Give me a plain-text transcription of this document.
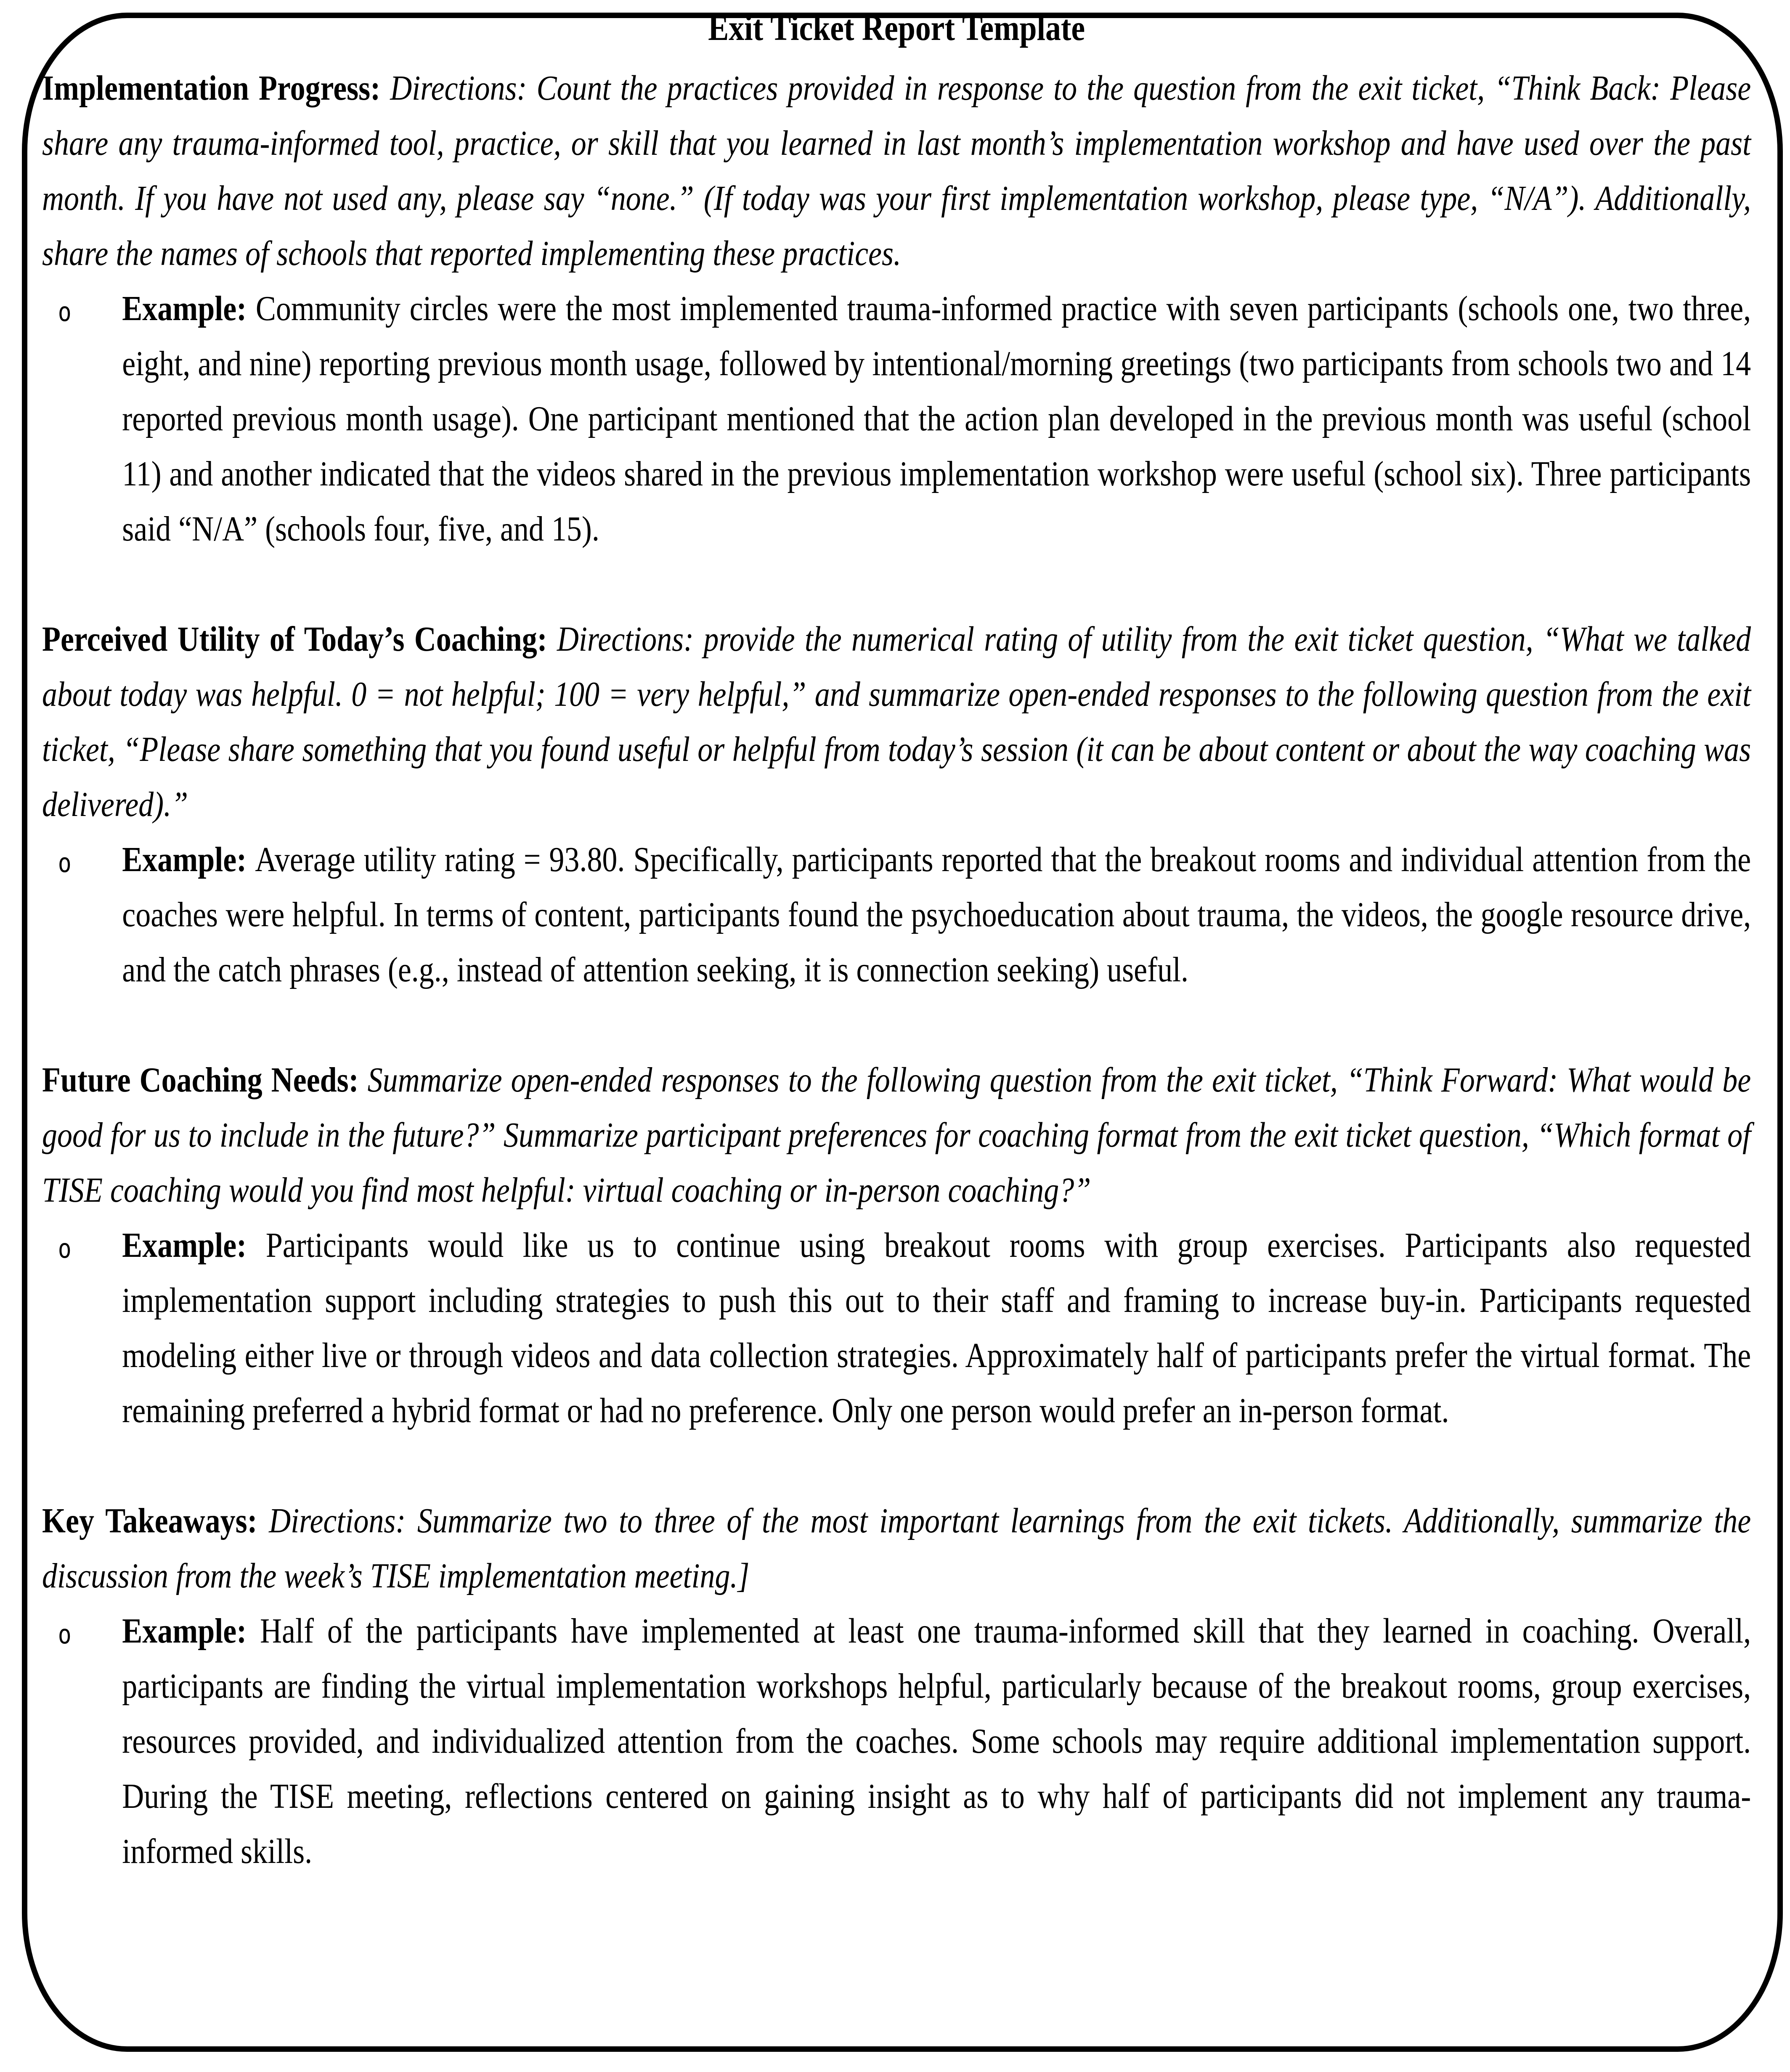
Exit Ticket Report Template

Implementation Progress: Directions: Count the practices provided in response to the question from the exit ticket, “Think Back: Please share any trauma-informed tool, practice, or skill that you learned in last month’s implementation workshop and have used over the past month. If you have not used any, please say “none.” (If today was your first implementation workshop, please type, “N/A”). Additionally, share the names of schools that reported implementing these practices.

o Example: Community circles were the most implemented trauma-informed practice with seven participants (schools one, two three, eight, and nine) reporting previous month usage, followed by intentional/morning greetings (two participants from schools two and 14 reported previous month usage). One participant mentioned that the action plan developed in the previous month was useful (school 11) and another indicated that the videos shared in the previous implementation workshop were useful (school six). Three participants said “N/A” (schools four, five, and 15).

Perceived Utility of Today’s Coaching: Directions: provide the numerical rating of utility from the exit ticket question, “What we talked about today was helpful. 0 = not helpful; 100 = very helpful,” and summarize open-ended responses to the following question from the exit ticket, “Please share something that you found useful or helpful from today’s session (it can be about content or about the way coaching was delivered).”

o Example: Average utility rating = 93.80. Specifically, participants reported that the breakout rooms and individual attention from the coaches were helpful. In terms of content, participants found the psychoeducation about trauma, the videos, the google resource drive, and the catch phrases (e.g., instead of attention seeking, it is connection seeking) useful.

Future Coaching Needs: Summarize open-ended responses to the following question from the exit ticket, “Think Forward: What would be good for us to include in the future?” Summarize participant preferences for coaching format from the exit ticket question, “Which format of TISE coaching would you find most helpful: virtual coaching or in-person coaching?”

o Example: Participants would like us to continue using breakout rooms with group exercises. Participants also requested implementation support including strategies to push this out to their staff and framing to increase buy-in. Participants requested modeling either live or through videos and data collection strategies. Approximately half of participants prefer the virtual format. The remaining preferred a hybrid format or had no preference. Only one person would prefer an in-person format.

Key Takeaways: Directions: Summarize two to three of the most important learnings from the exit tickets. Additionally, summarize the discussion from the week’s TISE implementation meeting.]

o Example: Half of the participants have implemented at least one trauma-informed skill that they learned in coaching. Overall, participants are finding the virtual implementation workshops helpful, particularly because of the breakout rooms, group exercises, resources provided, and individualized attention from the coaches. Some schools may require additional implementation support. During the TISE meeting, reflections centered on gaining insight as to why half of participants did not implement any trauma-informed skills.
